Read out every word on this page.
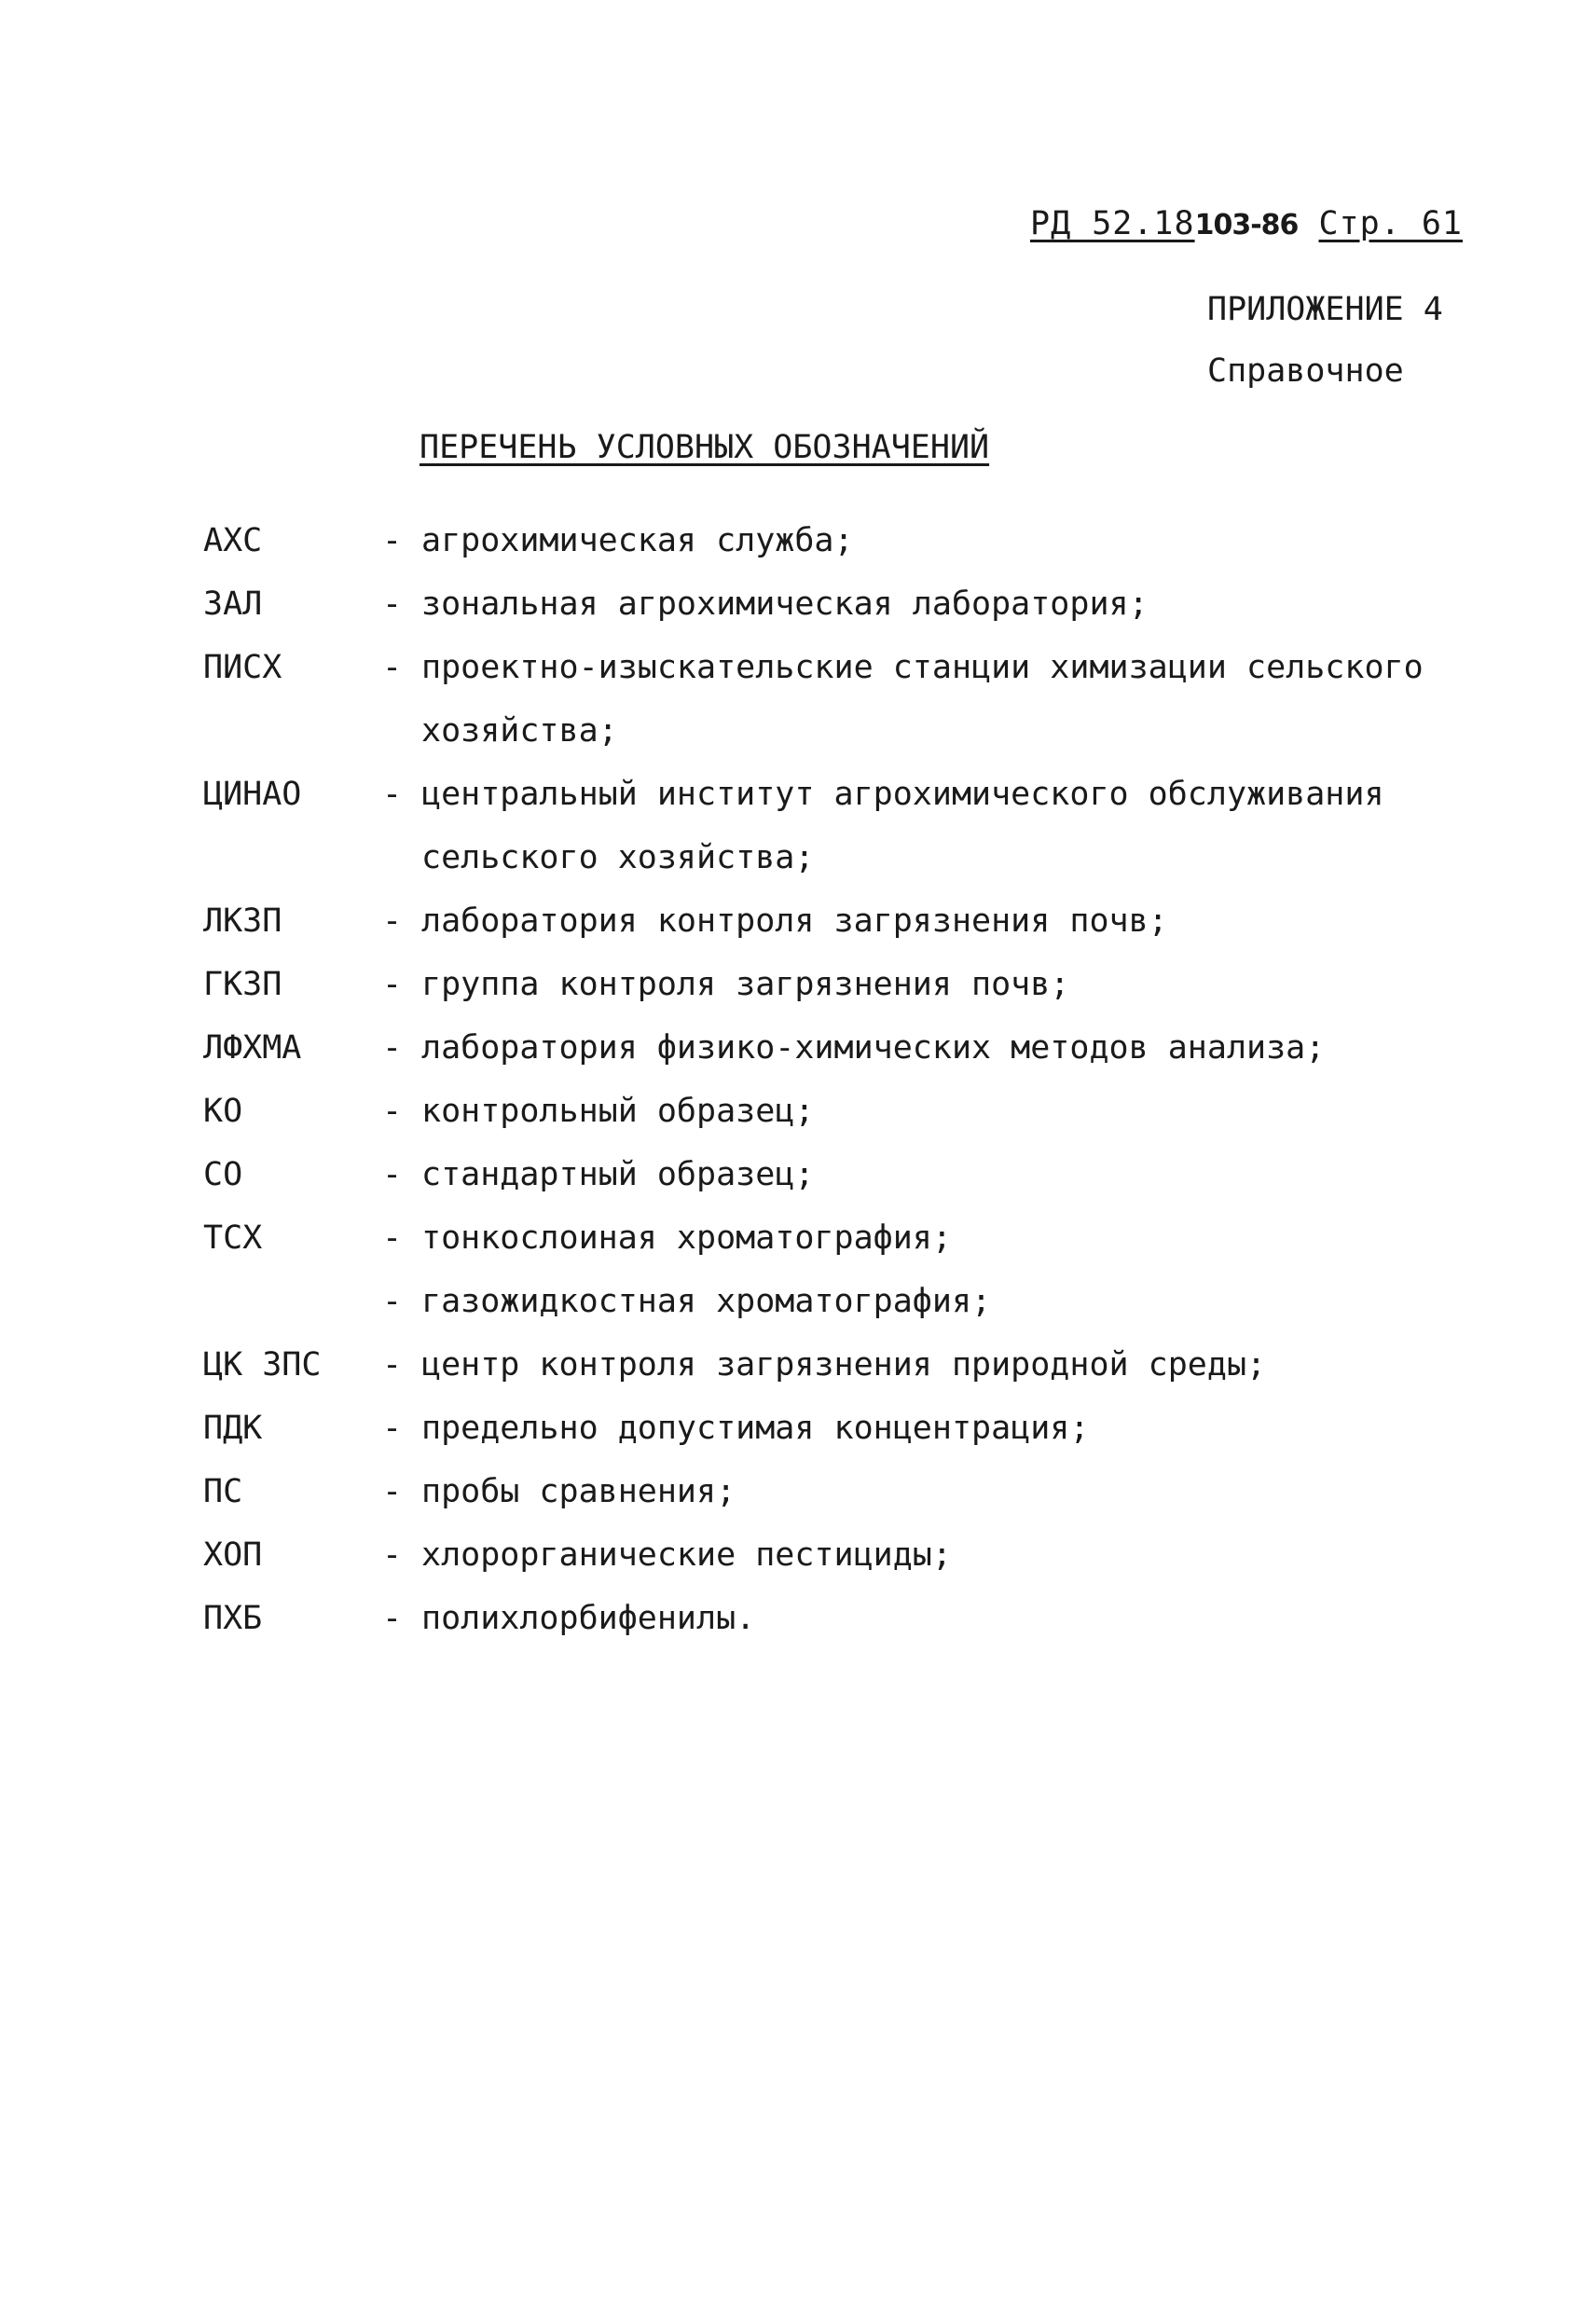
РД 52.18103-86 Стр. 61
ПРИЛОЖЕНИЕ 4
Справочное
ПЕРЕЧЕНЬ УСЛОВНЫХ ОБОЗНАЧЕНИЙ
АХС	- агрохимическая служба;
ЗАЛ	- зональная агрохимическая лаборатория;
ПИСХ	- проектно-изыскательские станции химизации сельского
хозяйства;
ЦИНАО	- центральный институт агрохимического обслуживания
сельского хозяйства;
ЛКЗП	- лаборатория контроля загрязнения почв;
ГКЗП	- группа контроля загрязнения почв;
ЛФХМА	- лаборатория физико-химических методов анализа;
КО	- контрольный образец;
СО	- стандартный образец;
ТСХ	- тонкослоиная хроматография;
- газожидкостная хроматография;
ЦК ЗПС	- центр контроля загрязнения природной среды;
ПДК	- предельно допустимая концентрация;
ПС	- пробы сравнения;
ХОП	- хлорорганические пестициды;
ПХБ	- полихлорбифенилы.
